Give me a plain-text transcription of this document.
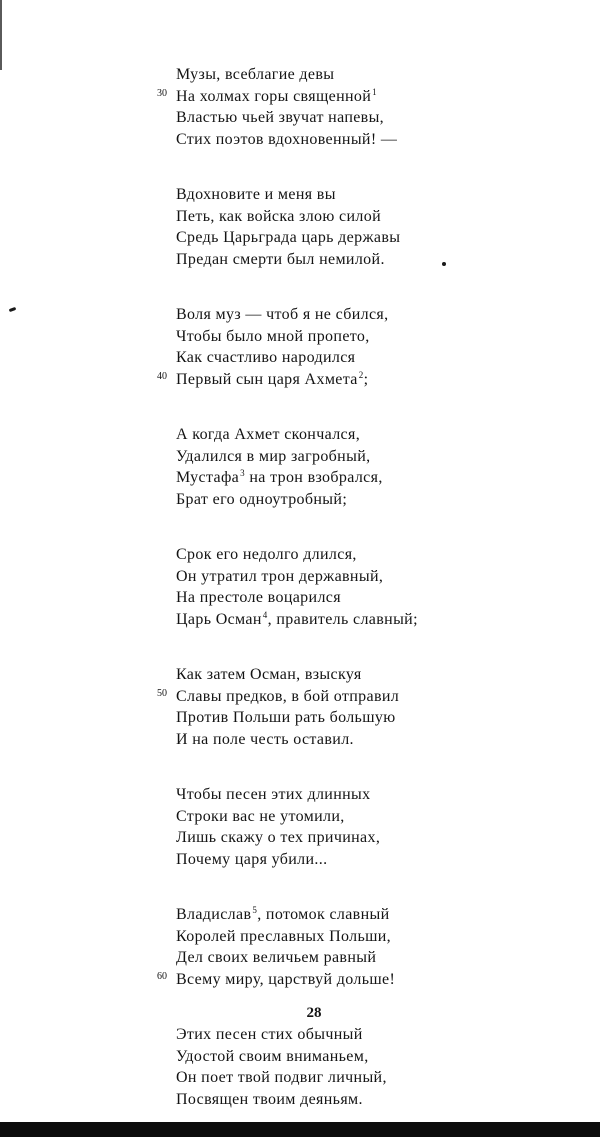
Музы, всеблагие девы
30 На холмах горы священной$^1$
Властью чьей звучат напевы,
Стих поэтов вдохновенный! —
Вдохновите и меня вы
Петь, как войска злою силой
Средь Царьграда царь державы
Предан смерти был немилой.
Воля муз — чтоб я не сбился,
Чтобы было мной пропето,
Как счастливо народился
40 Первый сын царя Ахмета$^2$;
А когда Ахмет скончался,
Удалился в мир загробный,
Мустафа$^3$ на трон взобрался,
Брат его одноутробный;
Срок его недолго длился,
Он утратил трон державный,
На престоле воцарился
Царь Осман$^4$, правитель славный;
Как затем Осман, взыскуя
50 Славы предков, в бой отправил
Против Польши рать большую
И на поле честь оставил.
Чтобы песен этих длинных
Строки вас не утомили,
Лишь скажу о тех причинах,
Почему царя убили...
Владислав$^5$, потомок славный
Королей преславных Польши,
Дел своих величьем равный
60 Всему миру, царствуй дольше!
Этих песен стих обычный
Удостой своим вниманьем,
Он поет твой подвиг личный,
Посвящен твоим деяньям.
28
